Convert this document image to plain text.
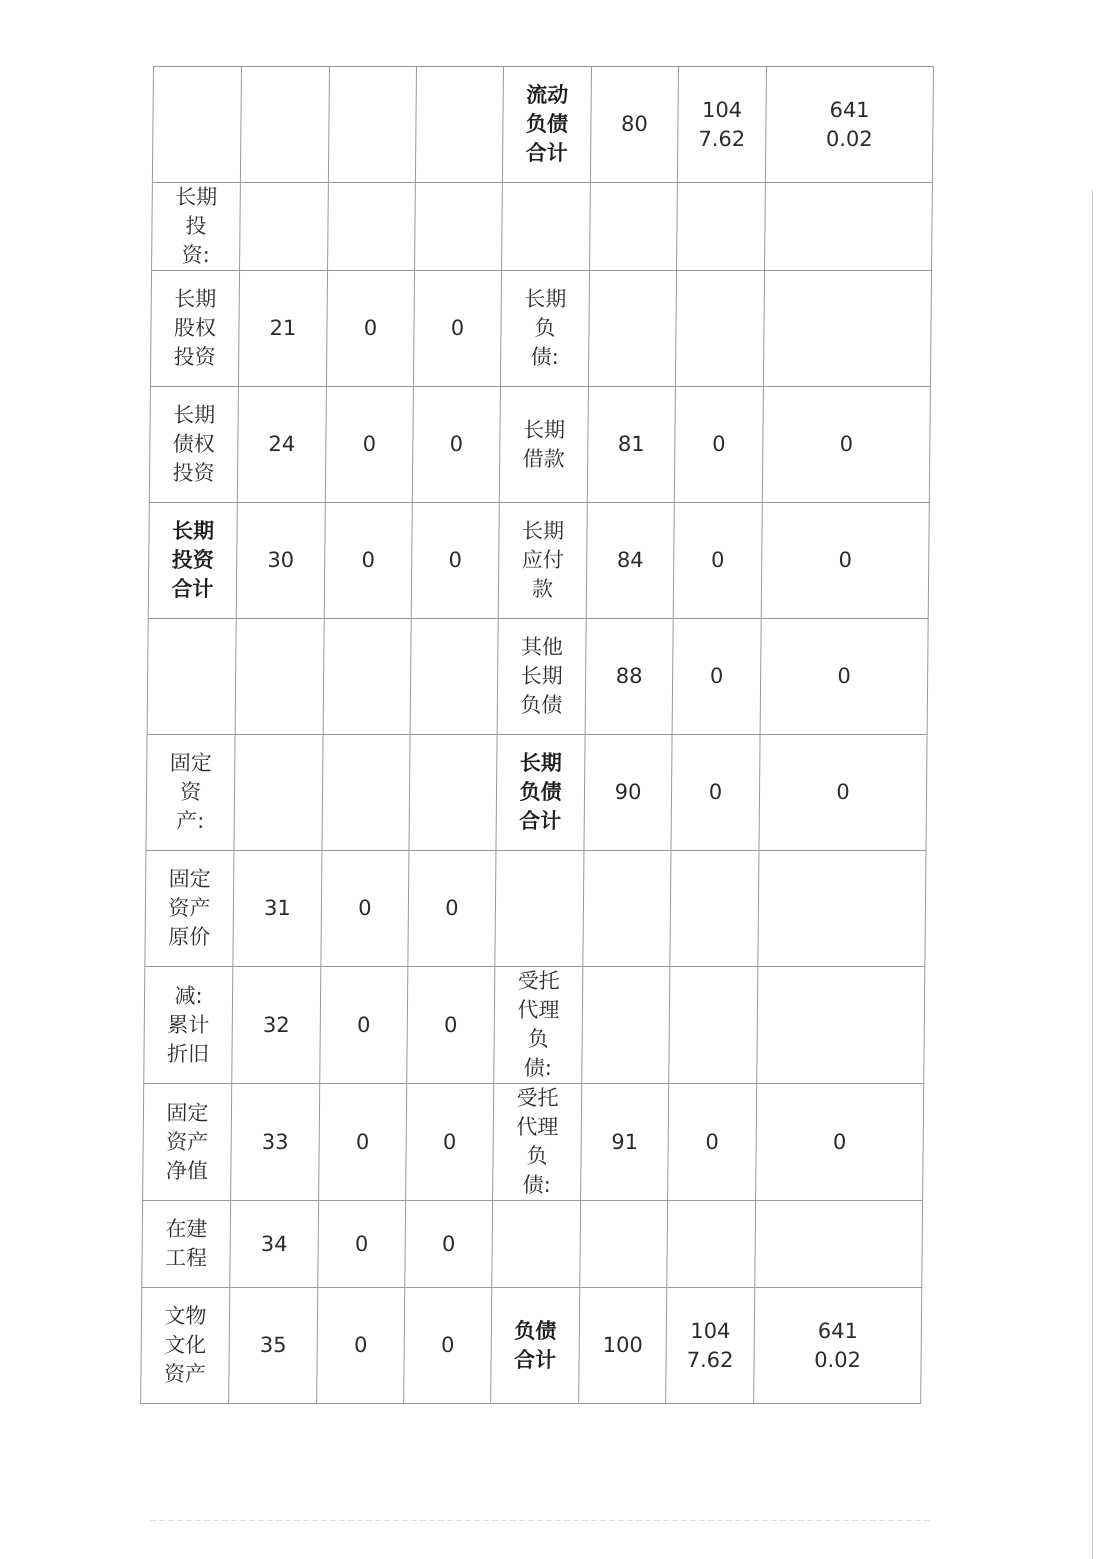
				流动负债合计	80	1047.62	6410.02
长期投资:							
长期股权投资	21	0	0	长期负债:			
长期债权投资	24	0	0	长期借款	81	0	0
长期投资合计	30	0	0	长期应付款	84	0	0
				其他长期负债	88	0	0
固定资产:				长期负债合计	90	0	0
固定资产原价	31	0	0				
减:累计折旧	32	0	0	受托代理负债:			
固定资产净值	33	0	0	受托代理负债:	91	0	0
在建工程	34	0	0				
文物文化资产	35	0	0	负债合计	100	1047.62	6410.02
